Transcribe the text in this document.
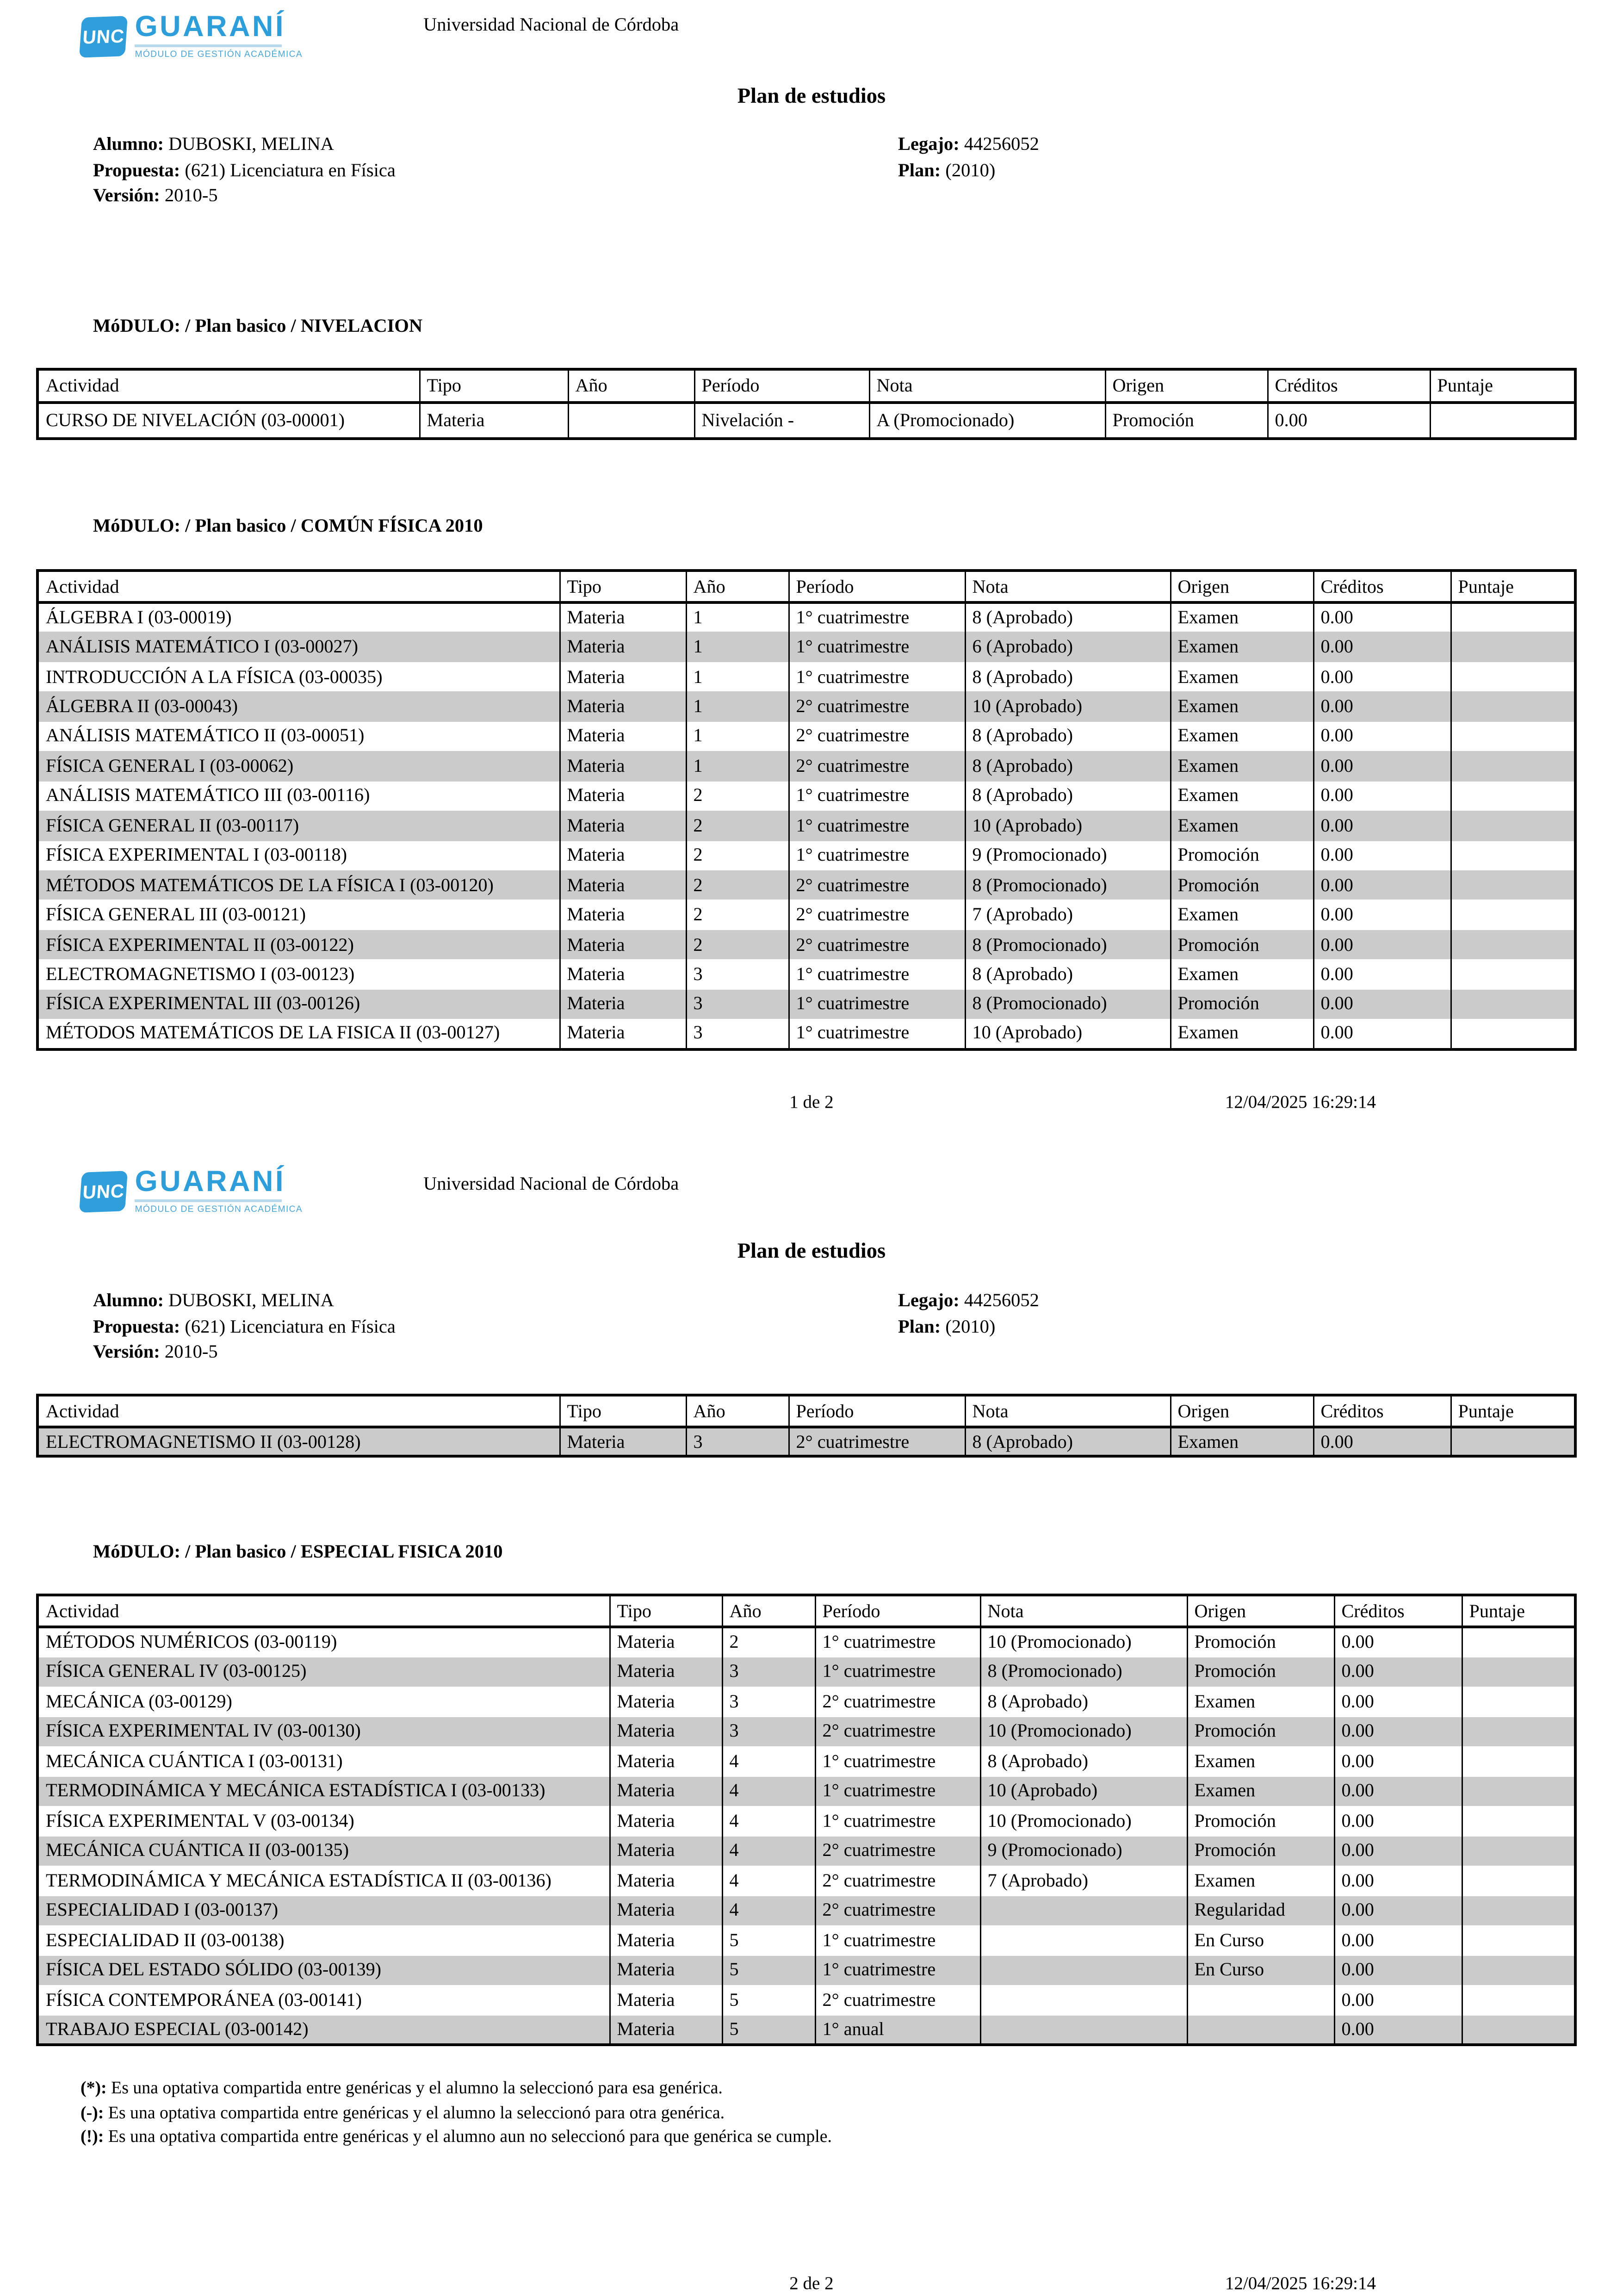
UNC GUARANÍ
MÓDULO DE GESTIÓN ACADÉMICA
Universidad Nacional de Córdoba
Plan de estudios
Alumno: DUBOSKI, MELINA
Propuesta: (621) Licenciatura en Física
Versión: 2010-5
Legajo: 44256052
Plan: (2010)
MóDULO: / Plan basico / NIVELACION
Actividad	Tipo	Año	Período	Nota	Origen	Créditos	Puntaje
CURSO DE NIVELACIÓN (03-00001)	Materia		Nivelación -	A (Promocionado)	Promoción	0.00	
MóDULO: / Plan basico / COMÚN FÍSICA 2010
Actividad	Tipo	Año	Período	Nota	Origen	Créditos	Puntaje
ÁLGEBRA I (03-00019)	Materia	1	1° cuatrimestre	8 (Aprobado)	Examen	0.00	
ANÁLISIS MATEMÁTICO I (03-00027)	Materia	1	1° cuatrimestre	6 (Aprobado)	Examen	0.00	
INTRODUCCIÓN A LA FÍSICA (03-00035)	Materia	1	1° cuatrimestre	8 (Aprobado)	Examen	0.00	
ÁLGEBRA II (03-00043)	Materia	1	2° cuatrimestre	10 (Aprobado)	Examen	0.00	
ANÁLISIS MATEMÁTICO II (03-00051)	Materia	1	2° cuatrimestre	8 (Aprobado)	Examen	0.00	
FÍSICA GENERAL I (03-00062)	Materia	1	2° cuatrimestre	8 (Aprobado)	Examen	0.00	
ANÁLISIS MATEMÁTICO III (03-00116)	Materia	2	1° cuatrimestre	8 (Aprobado)	Examen	0.00	
FÍSICA GENERAL II (03-00117)	Materia	2	1° cuatrimestre	10 (Aprobado)	Examen	0.00	
FÍSICA EXPERIMENTAL I (03-00118)	Materia	2	1° cuatrimestre	9 (Promocionado)	Promoción	0.00	
MÉTODOS MATEMÁTICOS DE LA FÍSICA I (03-00120)	Materia	2	2° cuatrimestre	8 (Promocionado)	Promoción	0.00	
FÍSICA GENERAL III (03-00121)	Materia	2	2° cuatrimestre	7 (Aprobado)	Examen	0.00	
FÍSICA EXPERIMENTAL II (03-00122)	Materia	2	2° cuatrimestre	8 (Promocionado)	Promoción	0.00	
ELECTROMAGNETISMO I (03-00123)	Materia	3	1° cuatrimestre	8 (Aprobado)	Examen	0.00	
FÍSICA EXPERIMENTAL III (03-00126)	Materia	3	1° cuatrimestre	8 (Promocionado)	Promoción	0.00	
MÉTODOS MATEMÁTICOS DE LA FISICA II (03-00127)	Materia	3	1° cuatrimestre	10 (Aprobado)	Examen	0.00	
1 de 2	12/04/2025 16:29:14
UNC GUARANÍ
MÓDULO DE GESTIÓN ACADÉMICA
Universidad Nacional de Córdoba
Plan de estudios
Alumno: DUBOSKI, MELINA
Propuesta: (621) Licenciatura en Física
Versión: 2010-5
Legajo: 44256052
Plan: (2010)
Actividad	Tipo	Año	Período	Nota	Origen	Créditos	Puntaje
ELECTROMAGNETISMO II (03-00128)	Materia	3	2° cuatrimestre	8 (Aprobado)	Examen	0.00	
MóDULO: / Plan basico / ESPECIAL FISICA 2010
Actividad	Tipo	Año	Período	Nota	Origen	Créditos	Puntaje
MÉTODOS NUMÉRICOS (03-00119)	Materia	2	1° cuatrimestre	10 (Promocionado)	Promoción	0.00	
FÍSICA GENERAL IV (03-00125)	Materia	3	1° cuatrimestre	8 (Promocionado)	Promoción	0.00	
MECÁNICA (03-00129)	Materia	3	2° cuatrimestre	8 (Aprobado)	Examen	0.00	
FÍSICA EXPERIMENTAL IV (03-00130)	Materia	3	2° cuatrimestre	10 (Promocionado)	Promoción	0.00	
MECÁNICA CUÁNTICA I (03-00131)	Materia	4	1° cuatrimestre	8 (Aprobado)	Examen	0.00	
TERMODINÁMICA Y MECÁNICA ESTADÍSTICA I (03-00133)	Materia	4	1° cuatrimestre	10 (Aprobado)	Examen	0.00	
FÍSICA EXPERIMENTAL V (03-00134)	Materia	4	1° cuatrimestre	10 (Promocionado)	Promoción	0.00	
MECÁNICA CUÁNTICA II (03-00135)	Materia	4	2° cuatrimestre	9 (Promocionado)	Promoción	0.00	
TERMODINÁMICA Y MECÁNICA ESTADÍSTICA II (03-00136)	Materia	4	2° cuatrimestre	7 (Aprobado)	Examen	0.00	
ESPECIALIDAD I (03-00137)	Materia	4	2° cuatrimestre		Regularidad	0.00	
ESPECIALIDAD II (03-00138)	Materia	5	1° cuatrimestre		En Curso	0.00	
FÍSICA DEL ESTADO SÓLIDO (03-00139)	Materia	5	1° cuatrimestre		En Curso	0.00	
FÍSICA CONTEMPORÁNEA (03-00141)	Materia	5	2° cuatrimestre			0.00	
TRABAJO ESPECIAL (03-00142)	Materia	5	1° anual			0.00	
(*): Es una optativa compartida entre genéricas y el alumno la seleccionó para esa genérica.
(-): Es una optativa compartida entre genéricas y el alumno la seleccionó para otra genérica.
(!): Es una optativa compartida entre genéricas y el alumno aun no seleccionó para que genérica se cumple.
2 de 2	12/04/2025 16:29:14
